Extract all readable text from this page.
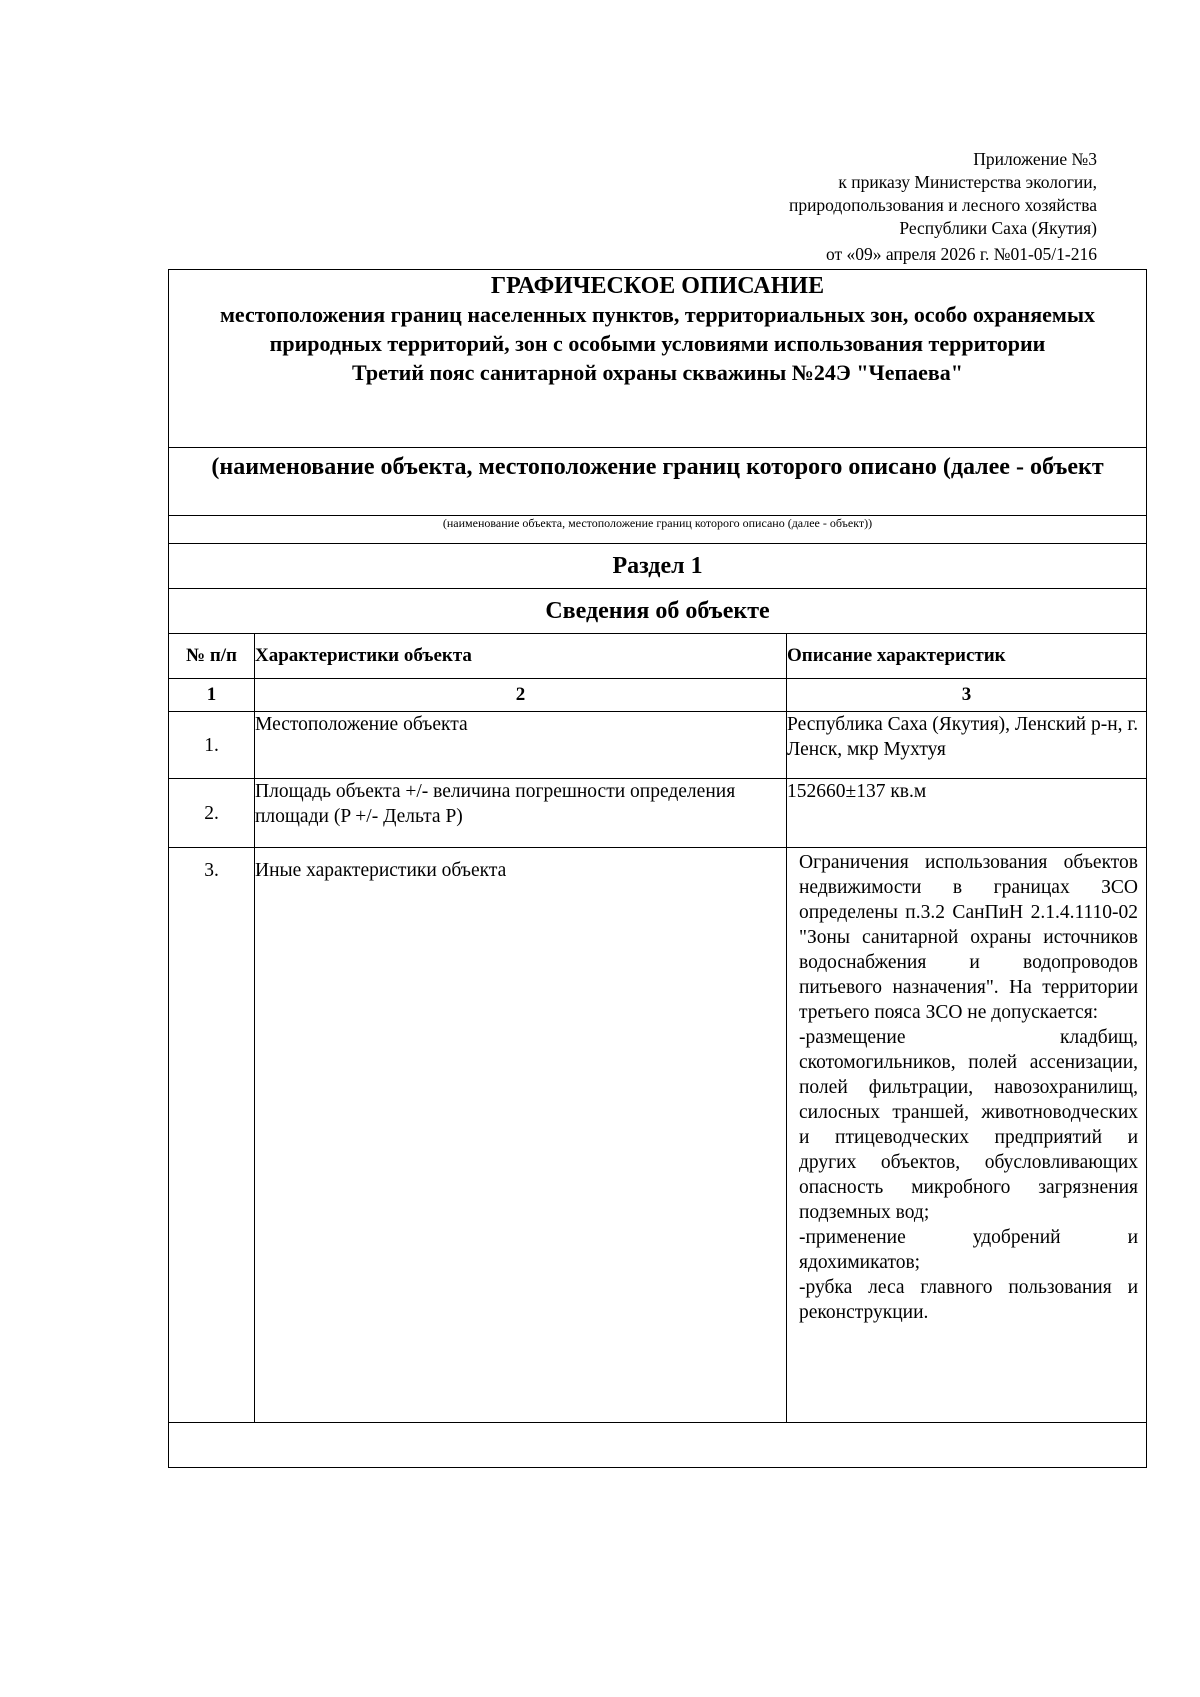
Приложение №3
к приказу Министерства экологии,
природопользования и лесного хозяйства
Республики Саха (Якутия)
от «09» апреля 2026 г. №01-05/1-216
ГРАФИЧЕСКОЕ ОПИСАНИЕ
местоположения границ населенных пунктов, территориальных зон, особо охраняемых природных территорий, зон с особыми условиями использования территории
Третий пояс санитарной охраны скважины №24Э "Чепаева"		

(наименование объекта, местоположение границ которого описано (далее - объект		
(наименование объекта, местоположение границ которого описано (далее - объект))		
Раздел 1		
Сведения об объекте		
№ п/п	Характеристики объекта	Описание характеристик
1	2	3
1.	Местоположение объекта	Республика Саха (Якутия), Ленский р-н, г. Ленск, мкр Мухтуя
2.	Площадь объекта +/- величина погрешности определения площади (P +/- Дельта P)	152660±137 кв.м
3.	Иные характеристики объекта	Ограничения использования объектов недвижимости в границах ЗСО определены п.3.2 СанПиН 2.1.4.1110-02 "Зоны санитарной охраны источников водоснабжения и водопроводов питьевого назначения". На территории третьего пояса ЗСО не допускается:
-размещение кладбищ, скотомогильников, полей ассенизации, полей фильтрации, навозохранилищ, силосных траншей, животноводческих и птицеводческих предприятий и других объектов, обусловливающих опасность микробного загрязнения подземных вод;
-применение удобрений и ядохимикатов;
-рубка леса главного пользования и реконструкции.
